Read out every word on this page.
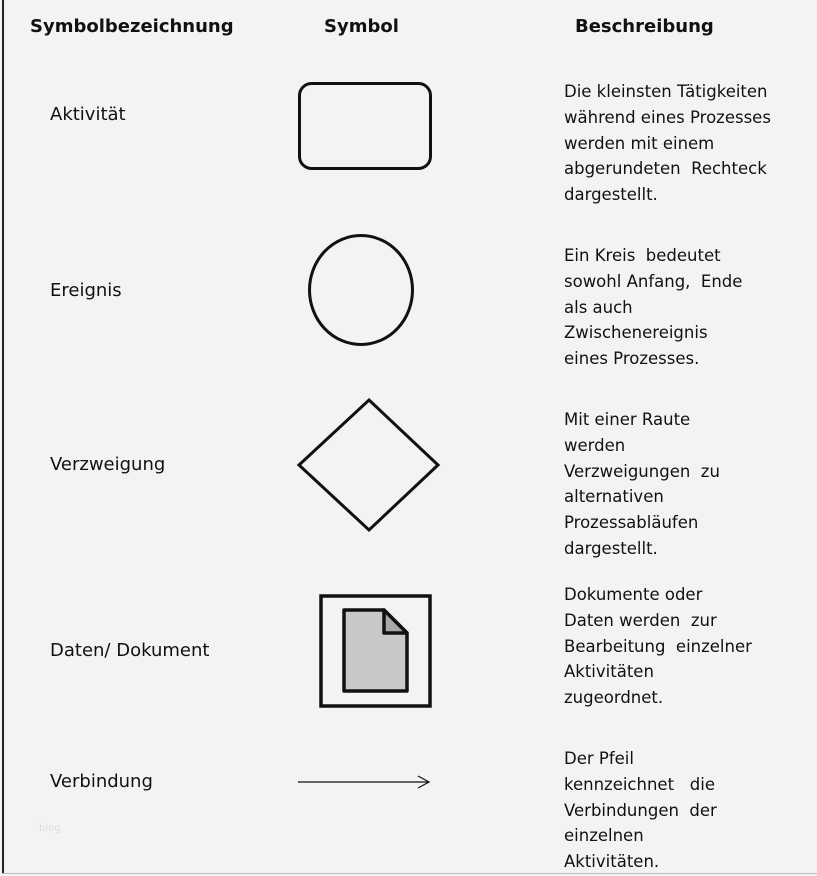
Symbolbezeichnung	Symbol	Beschreibung
Aktivität
Die kleinsten Tätigkeiten
während eines Prozesses
werden mit einem
abgerundeten  Rechteck
dargestellt.
Ereignis
Ein Kreis  bedeutet
sowohl Anfang,  Ende
als auch
Zwischenereignis
eines Prozesses.
Verzweigung
Mit einer Raute
werden
Verzweigungen  zu
alternativen
Prozessabläufen
dargestellt.
Daten/ Dokument
Dokumente oder
Daten werden  zur
Bearbeitung  einzelner
Aktivitäten
zugeordnet.
Verbindung
Der Pfeil
kennzeichnet   die
Verbindungen  der
einzelnen
Aktivitäten.
blog
